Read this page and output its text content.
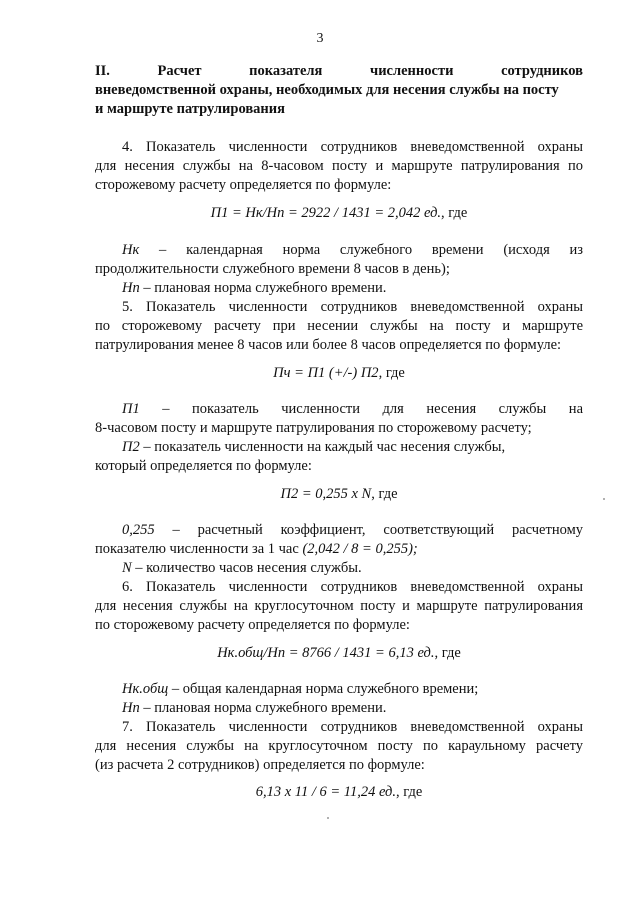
3
II. Расчет	показателя	численности	сотрудников
вневедомственной охраны, необходимых для несения службы на посту
и маршруте патрулирования
4. Показатель численности сотрудников вневедомственной охраны
для несения службы на 8-часовом посту и маршруте патрулирования по
сторожевому расчету определяется по формуле:
П1 = Нк/Нп = 2922 / 1431 = 2,042 ед., где
Нк – календарная норма служебного времени (исходя из
продолжительности служебного времени 8 часов в день);
Нп – плановая норма служебного времени.
5. Показатель численности сотрудников вневедомственной охраны
по сторожевому расчету при несении службы на посту и маршруте
патрулирования менее 8 часов или более 8 часов определяется по формуле:
Пч = П1 (+/-) П2, где
П1 – показатель численности для несения службы на
8-часовом посту и маршруте патрулирования по сторожевому расчету;
П2 – показатель численности на каждый час несения службы,
который определяется по формуле:
П2 = 0,255 х N, где
0,255 – расчетный коэффициент, соответствующий расчетному
показателю численности за 1 час (2,042 / 8 = 0,255);
N – количество часов несения службы.
6. Показатель численности сотрудников вневедомственной охраны
для несения службы на круглосуточном посту и маршруте патрулирования
по сторожевому расчету определяется по формуле:
Нк.общ/Нп = 8766 / 1431 = 6,13 ед., где
Нк.общ – общая календарная норма служебного времени;
Нп – плановая норма служебного времени.
7. Показатель численности сотрудников вневедомственной охраны
для несения службы на круглосуточном посту по караульному расчету
(из расчета 2 сотрудников) определяется по формуле:
6,13 х 11 / 6 = 11,24 ед., где
